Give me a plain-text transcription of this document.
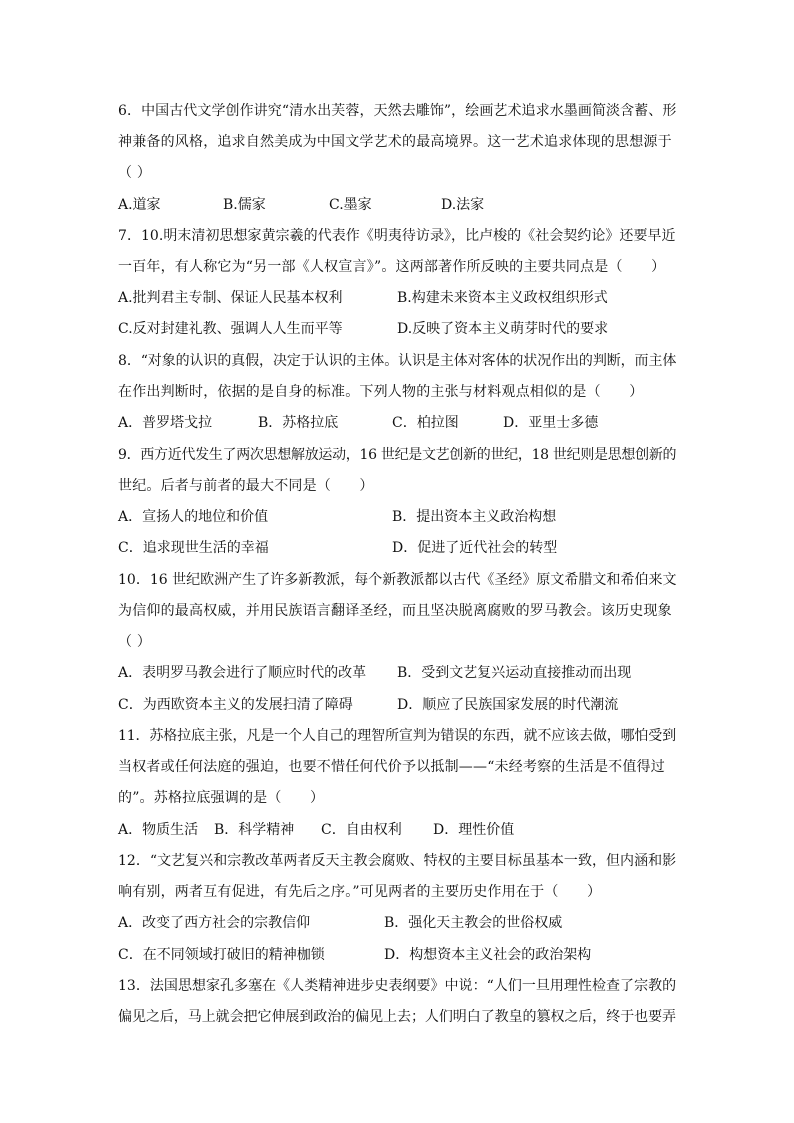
6．中国古代文学创作讲究“清水出芙蓉，天然去雕饰”，绘画艺术追求水墨画简淡含蓄、形
神兼备的风格，追求自然美成为中国文学艺术的最高境界。这一艺术追求体现的思想源于
（ ）
A.道家	B.儒家	C.墨家	D.法家
7．10.明末清初思想家黄宗羲的代表作《明夷待访录》，比卢梭的《社会契约论》还要早近
一百年，有人称它为“另一部《人权宣言》”。这两部著作所反映的主要共同点是（　　）
A.批判君主专制、保证人民基本权利	B.构建未来资本主义政权组织形式
C.反对封建礼教、强调人人生而平等	D.反映了资本主义萌芽时代的要求
8．“对象的认识的真假，决定于认识的主体。认识是主体对客体的状况作出的判断，而主体
在作出判断时，依据的是自身的标准。下列人物的主张与材料观点相似的是（　　）
A．普罗塔戈拉	B．苏格拉底	C．柏拉图	D．亚里士多德
9．西方近代发生了两次思想解放运动，16 世纪是文艺创新的世纪，18 世纪则是思想创新的
世纪。后者与前者的最大不同是（　　）
A．宣扬人的地位和价值	B．提出资本主义政治构想
C．追求现世生活的幸福	D．促进了近代社会的转型
10．16 世纪欧洲产生了许多新教派，每个新教派都以古代《圣经》原文希腊文和希伯来文
为信仰的最高权威，并用民族语言翻译圣经，而且坚决脱离腐败的罗马教会。该历史现象
（ ）
A．表明罗马教会进行了顺应时代的改革 B．受到文艺复兴运动直接推动而出现
C．为西欧资本主义的发展扫清了障碍	D．顺应了民族国家发展的时代潮流
11．苏格拉底主张，凡是一个人自己的理智所宣判为错误的东西，就不应该去做，哪怕受到
当权者或任何法庭的强迫，也要不惜任何代价予以抵制——“未经考察的生活是不值得过
的”。苏格拉底强调的是（　　）
A．物质生活 B．科学精神 C．自由权利 D．理性价值
12．“文艺复兴和宗教改革两者反天主教会腐败、特权的主要目标虽基本一致，但内涵和影
响有别，两者互有促进，有先后之序。”可见两者的主要历史作用在于（　　）
A．改变了西方社会的宗教信仰	B．强化天主教会的世俗权威
C．在不同领域打破旧的精神枷锁	D．构想资本主义社会的政治架构
13．法国思想家孔多塞在《人类精神进步史表纲要》中说：“人们一旦用理性检查了宗教的
偏见之后，马上就会把它伸展到政治的偏见上去；人们明白了教皇的篡权之后，终于也要弄
